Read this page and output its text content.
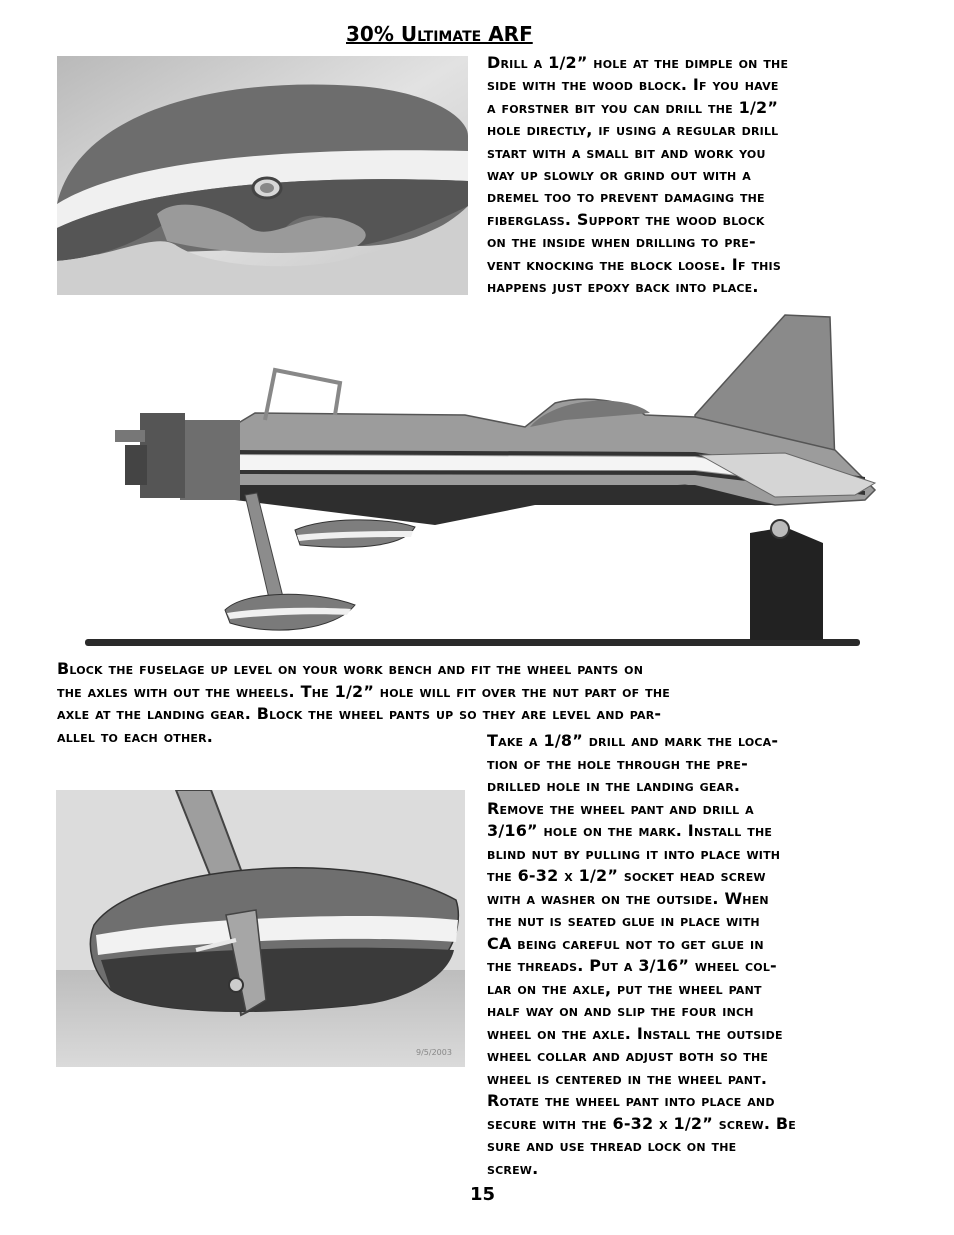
30% Ultimate ARF
Drill a 1/2” hole at the dimple on the
side with the wood block. If you have
a forstner bit you can drill the 1/2”
hole directly, if using a regular drill
start with a small bit and work you
way up slowly or grind out with a
dremel too to prevent damaging the
fiberglass. Support the wood block
on the inside when drilling to pre-
vent knocking the block loose. If this
happens just epoxy back into place.
Block the fuselage up level on your work bench and fit the wheel pants on
the axles with out the wheels. The 1/2” hole will fit over the nut part of the
axle at the landing gear. Block the wheel pants up so they are level and par-
allel to each other.
9/5/2003
Take a 1/8” drill and mark the loca-
tion of the hole through the pre-
drilled hole in the landing gear.
Remove the wheel pant and drill a
3/16” hole on the mark. Install the
blind nut by pulling it into place with
the 6-32 x 1/2” socket head screw
with a washer on the outside. When
the nut is seated glue in place with
CA being careful not to get glue in
the threads. Put a 3/16” wheel col-
lar on the axle, put the wheel pant
half way on and slip the four inch
wheel on the axle. Install the outside
wheel collar and adjust both so the
wheel is centered in the wheel pant.
Rotate the wheel pant into place and
secure with the 6-32 x 1/2” screw. Be
sure and use thread lock on the
screw.
15
